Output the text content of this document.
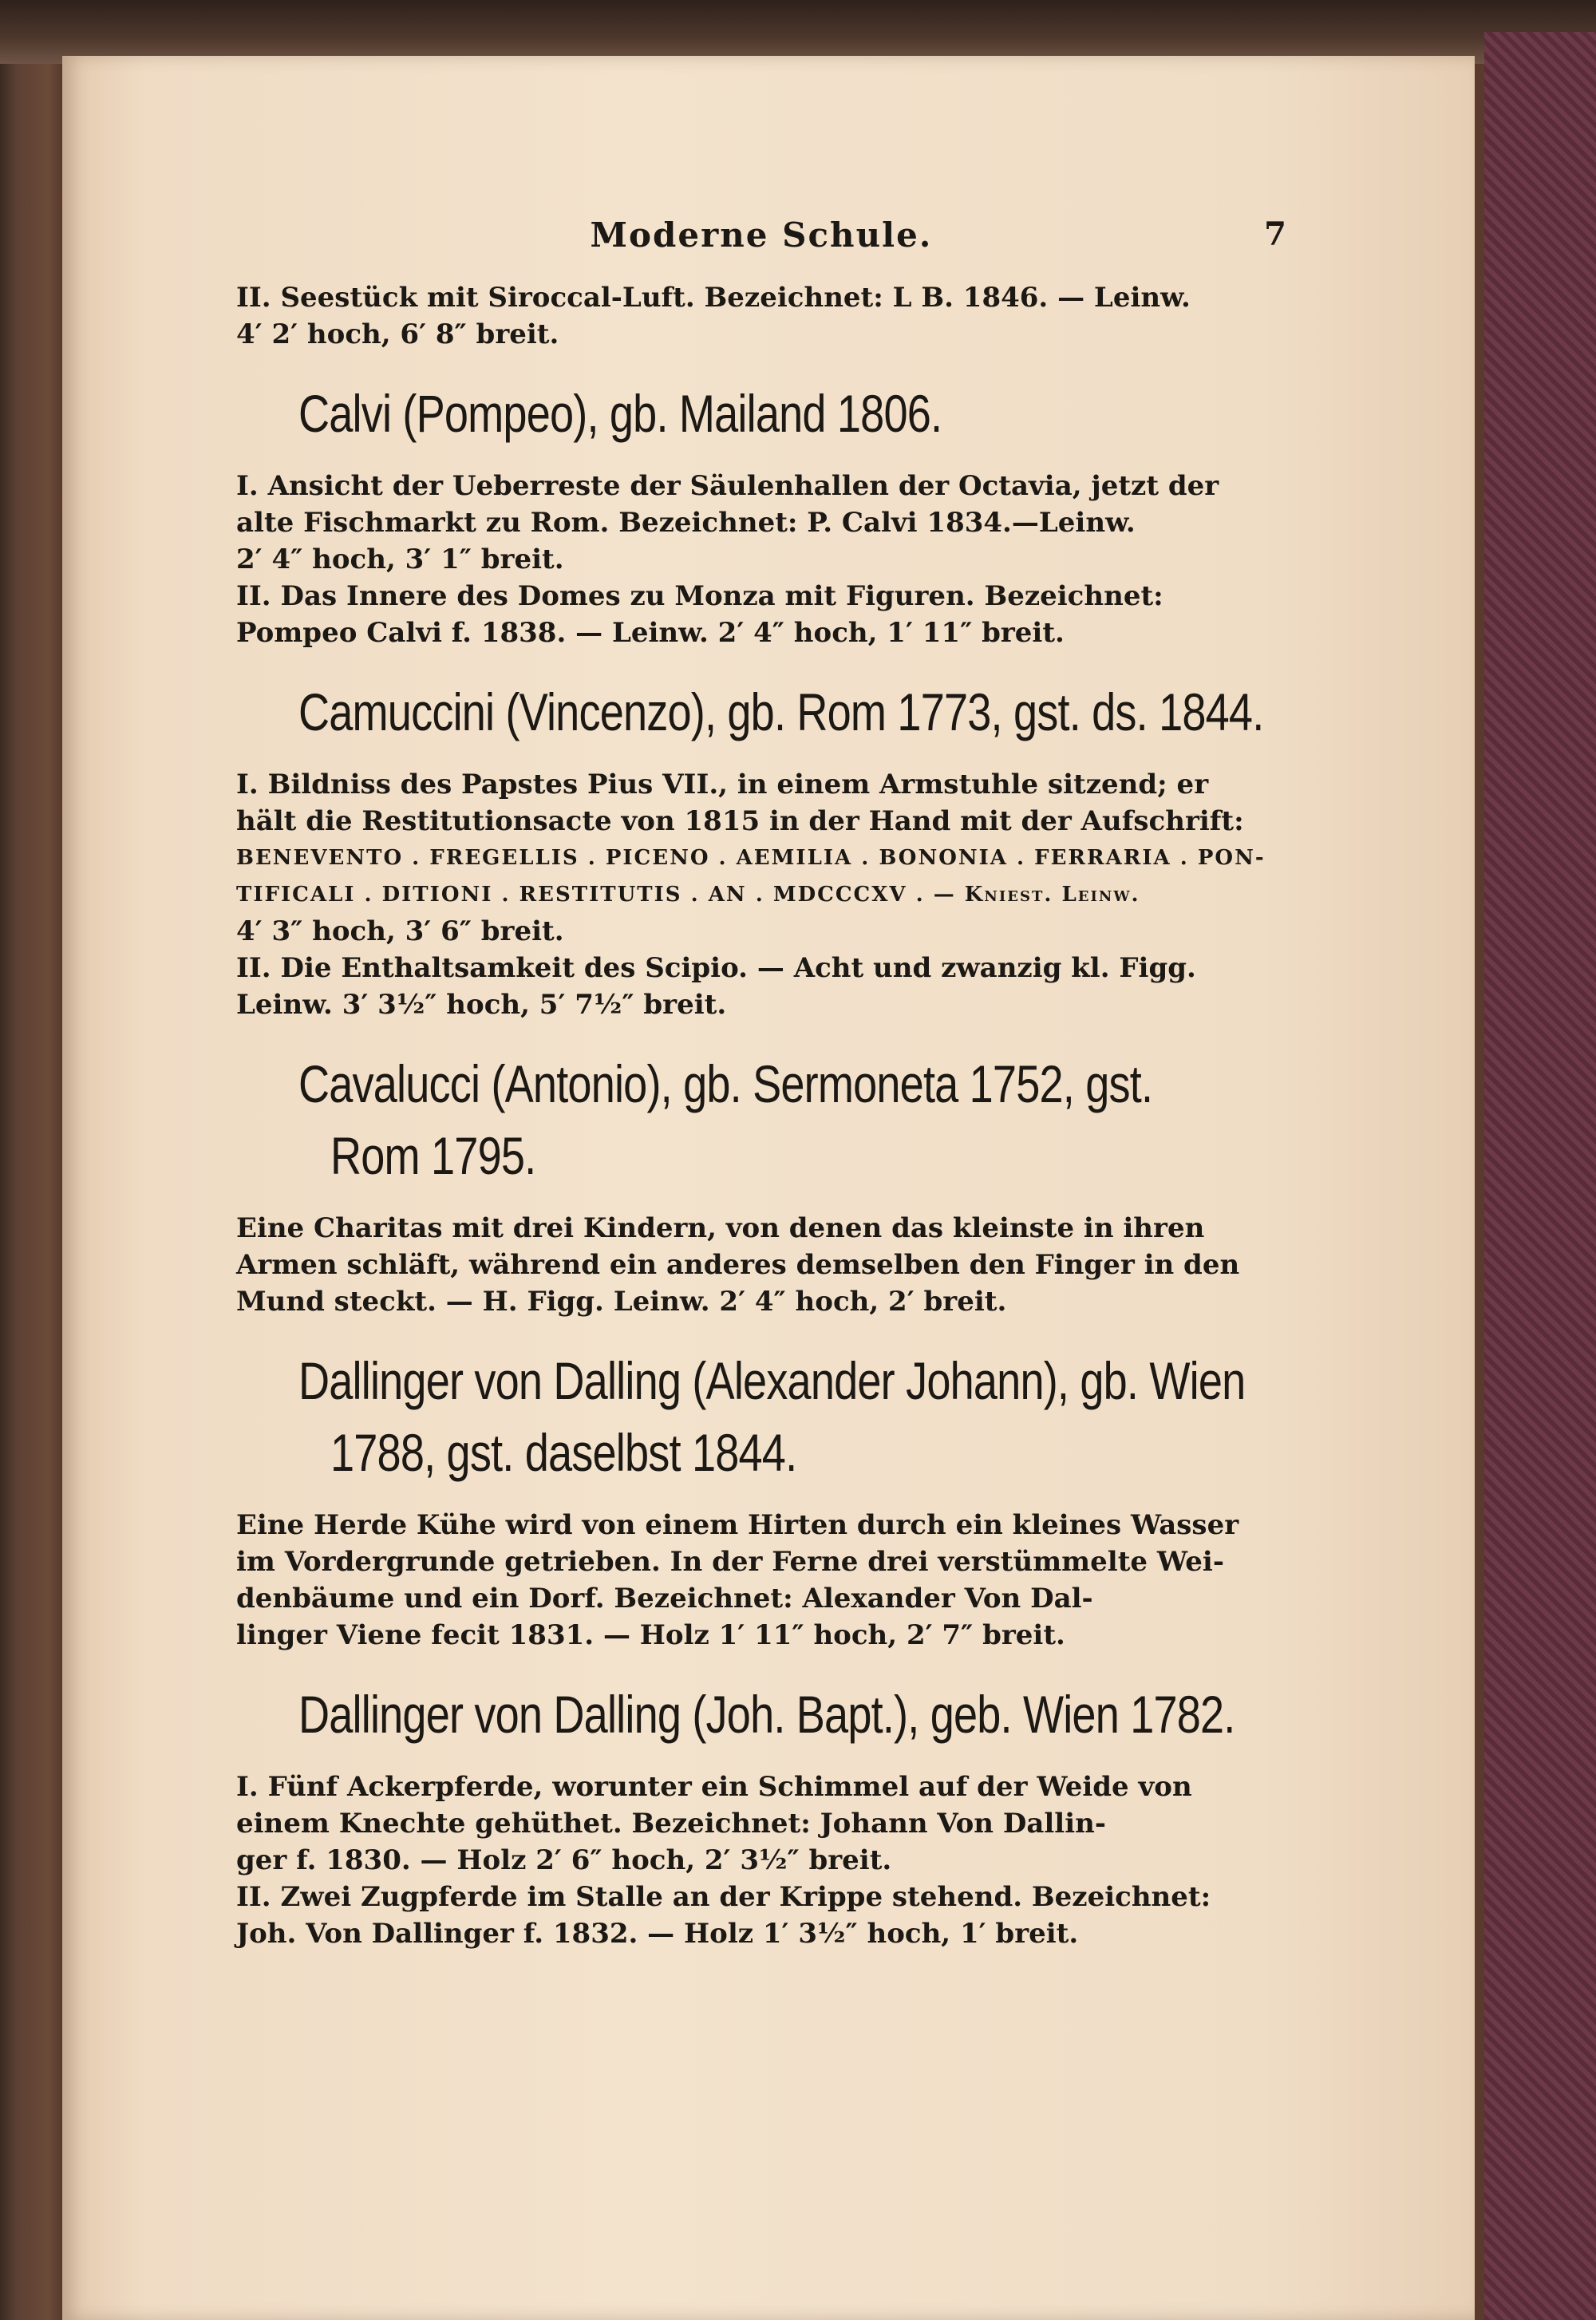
Moderne Schule.	7

II. Seestück mit Siroccal-Luft. Bezeichnet: L B. 1846. — Leinw.

4′ 2′ hoch, 6′ 8″ breit.

Calvi (Pompeo), gb. Mailand 1806.

I. Ansicht der Ueberreste der Säulenhallen der Octavia, jetzt der

alte Fischmarkt zu Rom. Bezeichnet: P. Calvi 1834.—Leinw.

2′ 4″ hoch, 3′ 1″ breit.

II. Das Innere des Domes zu Monza mit Figuren. Bezeichnet:

Pompeo Calvi f. 1838. — Leinw. 2′ 4″ hoch, 1′ 11″ breit.

Camuccini (Vincenzo), gb. Rom 1773, gst. ds. 1844.

I. Bildniss des Papstes Pius VII., in einem Armstuhle sitzend; er

hält die Restitutionsacte von 1815 in der Hand mit der Aufschrift:

BENEVENTO . FREGELLIS . PICENO . AEMILIA . BONONIA . FERRARIA . PON-

TIFICALI . DITIONI . RESTITUTIS . AN . MDCCCXV . — Kniest. Leinw.

4′ 3″ hoch, 3′ 6″ breit.

II. Die Enthaltsamkeit des Scipio. — Acht und zwanzig kl. Figg.

Leinw. 3′ 3½″ hoch, 5′ 7½″ breit.

Cavalucci (Antonio), gb. Sermoneta 1752, gst.
Rom 1795.

Eine Charitas mit drei Kindern, von denen das kleinste in ihren

Armen schläft, während ein anderes demselben den Finger in den

Mund steckt. — H. Figg. Leinw. 2′ 4″ hoch, 2′ breit.

Dallinger von Dalling (Alexander Johann), gb. Wien
1788, gst. daselbst 1844.

Eine Herde Kühe wird von einem Hirten durch ein kleines Wasser

im Vordergrunde getrieben. In der Ferne drei verstümmelte Wei-

denbäume und ein Dorf. Bezeichnet: Alexander Von Dal-

linger Viene fecit 1831. — Holz 1′ 11″ hoch, 2′ 7″ breit.

Dallinger von Dalling (Joh. Bapt.), geb. Wien 1782.

I. Fünf Ackerpferde, worunter ein Schimmel auf der Weide von

einem Knechte gehüthet. Bezeichnet: Johann Von Dallin-

ger f. 1830. — Holz 2′ 6″ hoch, 2′ 3½″ breit.

II. Zwei Zugpferde im Stalle an der Krippe stehend. Bezeichnet:

Joh. Von Dallinger f. 1832. — Holz 1′ 3½″ hoch, 1′ breit.
